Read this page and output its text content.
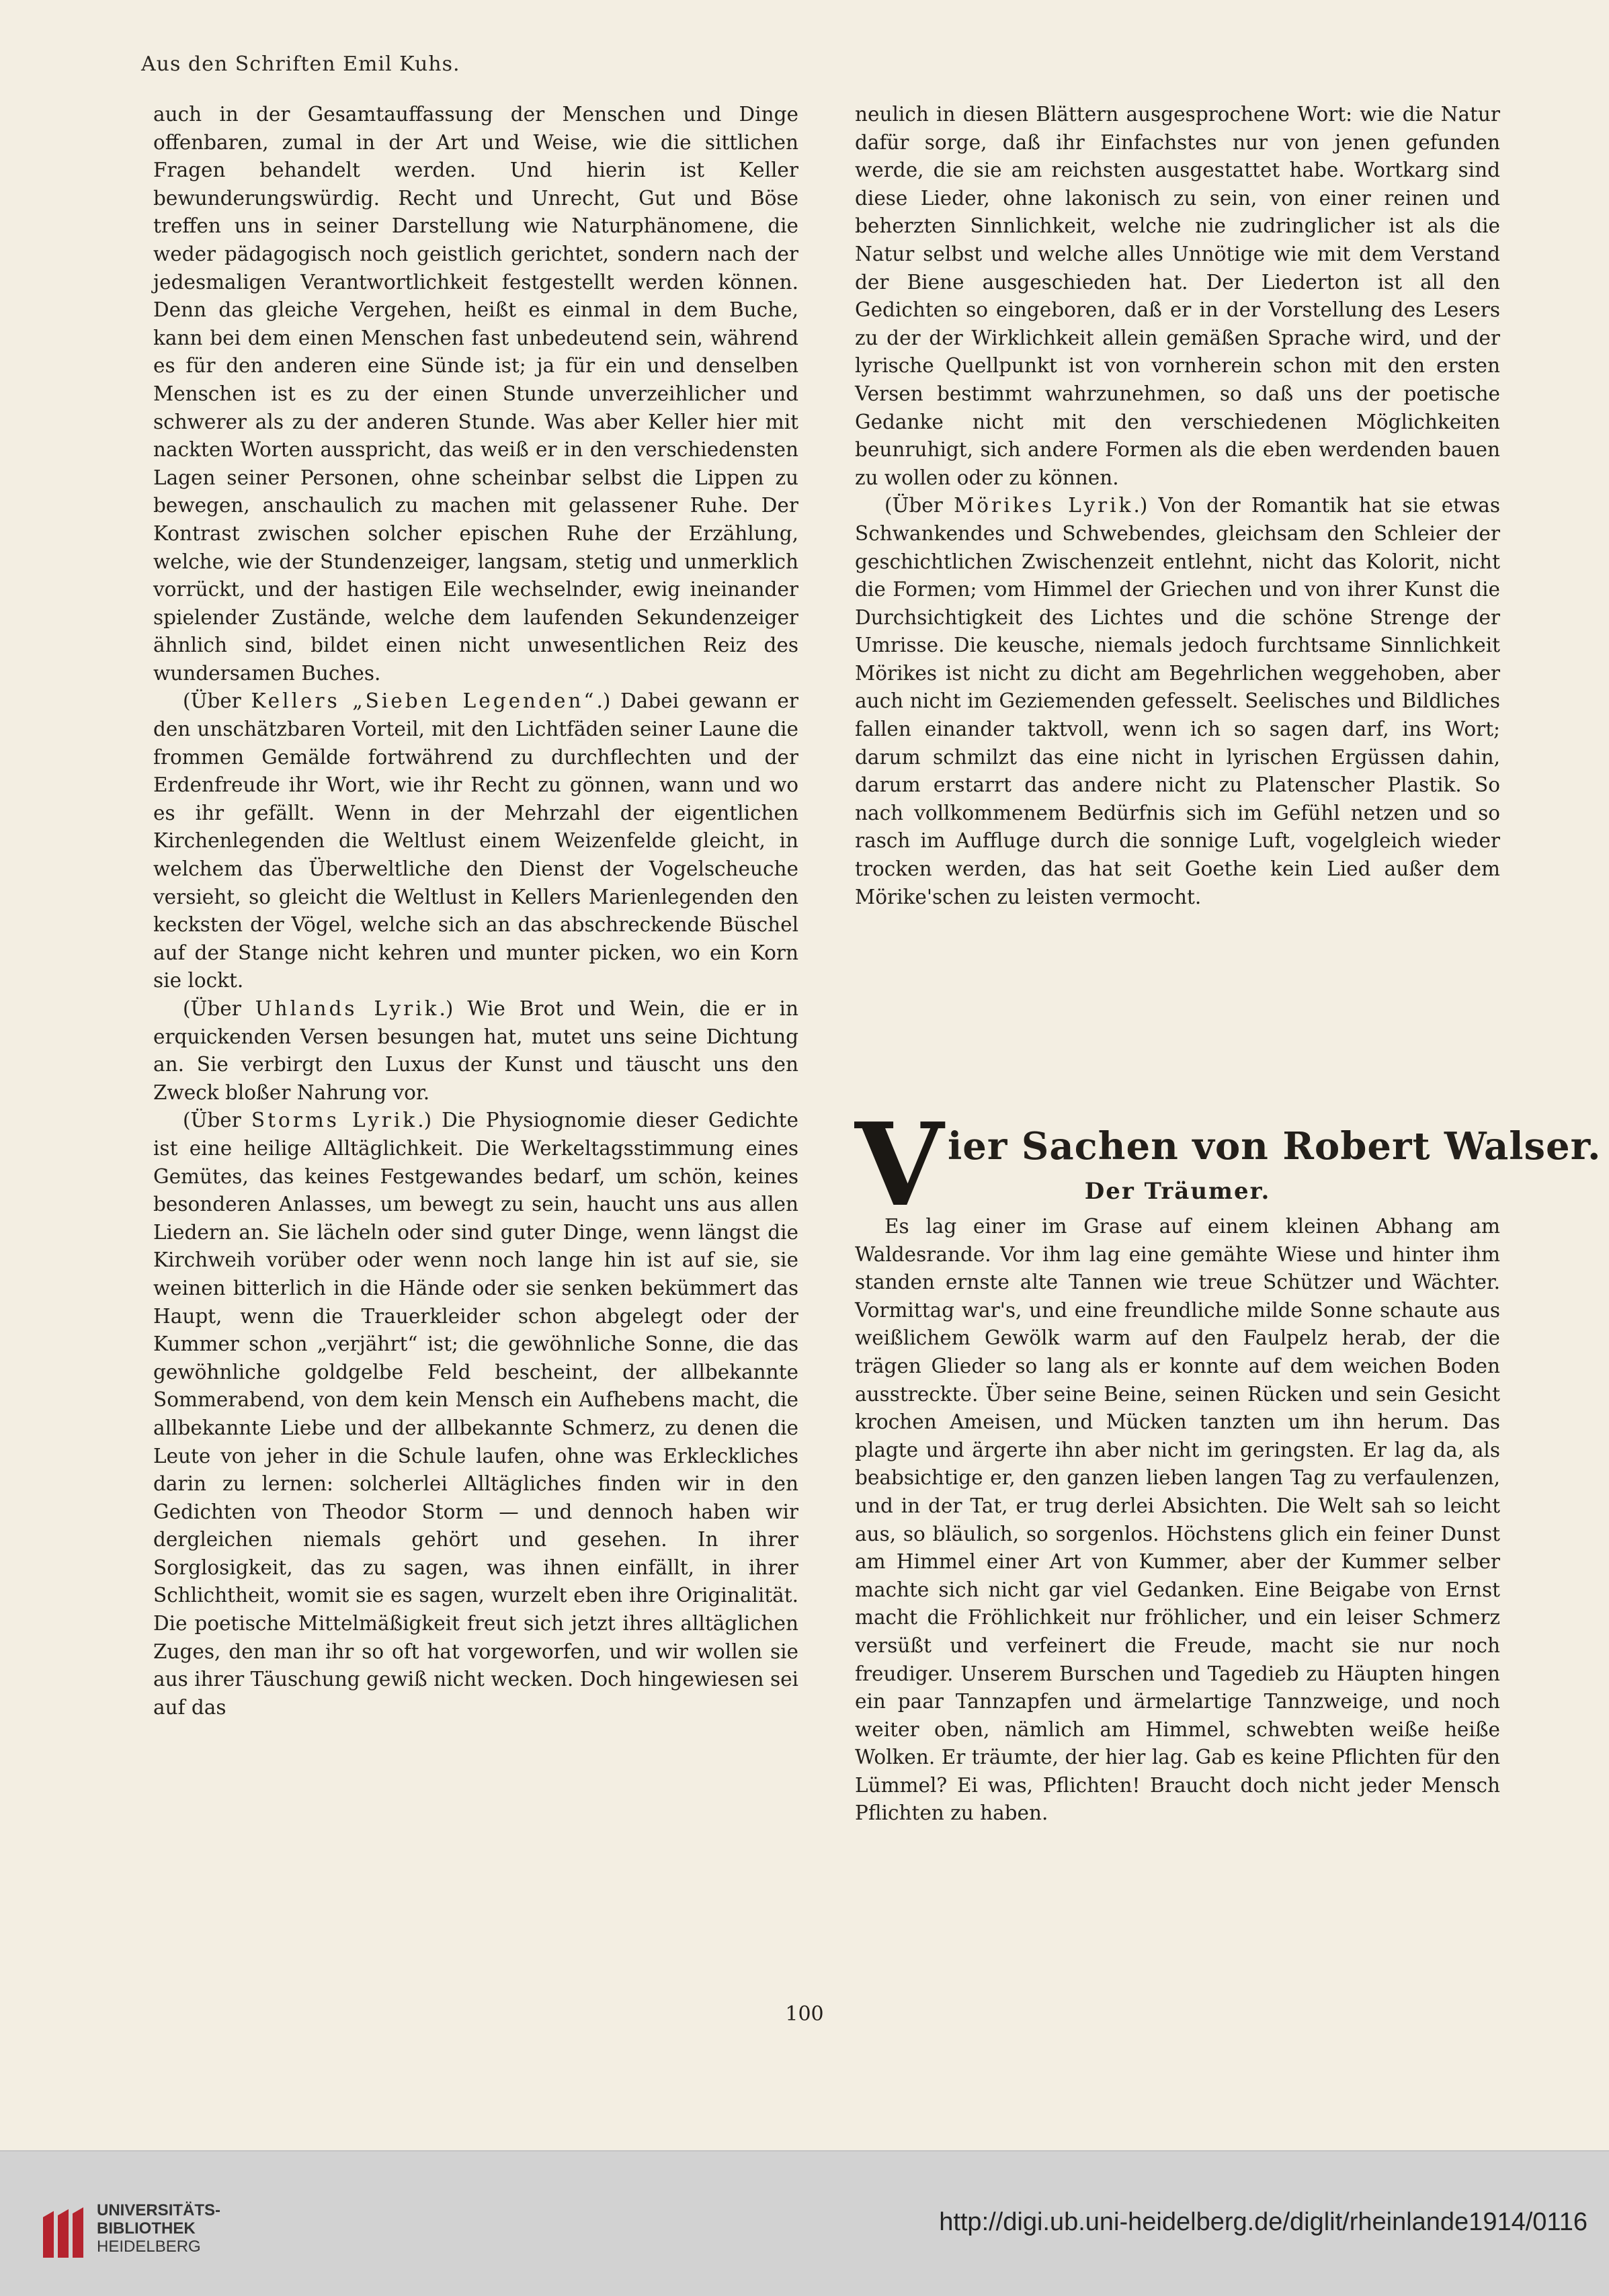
Aus den Schriften Emil Kuhs.

auch in der Gesamtauffassung der Menschen und Dinge offenbaren, zumal in der Art und Weise, wie die sittlichen Fragen behandelt werden. Und hierin ist Keller bewunderungswürdig. Recht und Unrecht, Gut und Böse treffen uns in seiner Darstellung wie Naturphänomene, die weder pädagogisch noch geistlich gerichtet, sondern nach der jedesmaligen Verantwortlichkeit festgestellt werden können. Denn das gleiche Vergehen, heißt es einmal in dem Buche, kann bei dem einen Menschen fast unbedeutend sein, während es für den anderen eine Sünde ist; ja für ein und denselben Menschen ist es zu der einen Stunde unverzeihlicher und schwerer als zu der anderen Stunde. Was aber Keller hier mit nackten Worten ausspricht, das weiß er in den verschiedensten Lagen seiner Personen, ohne scheinbar selbst die Lippen zu bewegen, anschaulich zu machen mit gelassener Ruhe. Der Kontrast zwischen solcher epischen Ruhe der Erzählung, welche, wie der Stundenzeiger, langsam, stetig und unmerklich vorrückt, und der hastigen Eile wechselnder, ewig ineinander spielender Zustände, welche dem laufenden Sekundenzeiger ähnlich sind, bildet einen nicht unwesentlichen Reiz des wundersamen Buches.

(Über Kellers „Sieben Legenden“.) Dabei gewann er den unschätzbaren Vorteil, mit den Lichtfäden seiner Laune die frommen Gemälde fortwährend zu durchflechten und der Erdenfreude ihr Wort, wie ihr Recht zu gönnen, wann und wo es ihr gefällt. Wenn in der Mehrzahl der eigentlichen Kirchenlegenden die Weltlust einem Weizenfelde gleicht, in welchem das Überweltliche den Dienst der Vogelscheuche versieht, so gleicht die Weltlust in Kellers Marienlegenden den kecksten der Vögel, welche sich an das abschreckende Büschel auf der Stange nicht kehren und munter picken, wo ein Korn sie lockt.

(Über Uhlands Lyrik.) Wie Brot und Wein, die er in erquickenden Versen besungen hat, mutet uns seine Dichtung an. Sie verbirgt den Luxus der Kunst und täuscht uns den Zweck bloßer Nahrung vor.

(Über Storms Lyrik.) Die Physiognomie dieser Gedichte ist eine heilige Alltäglichkeit. Die Werkeltagsstimmung eines Gemütes, das keines Festgewandes bedarf, um schön, keines besonderen Anlasses, um bewegt zu sein, haucht uns aus allen Liedern an. Sie lächeln oder sind guter Dinge, wenn längst die Kirchweih vorüber oder wenn noch lange hin ist auf sie, sie weinen bitterlich in die Hände oder sie senken bekümmert das Haupt, wenn die Trauerkleider schon abgelegt oder der Kummer schon „verjährt“ ist; die gewöhnliche Sonne, die das gewöhnliche goldgelbe Feld bescheint, der allbekannte Sommerabend, von dem kein Mensch ein Aufhebens macht, die allbekannte Liebe und der allbekannte Schmerz, zu denen die Leute von jeher in die Schule laufen, ohne was Erkleckliches darin zu lernen: solcherlei Alltägliches finden wir in den Gedichten von Theodor Storm — und dennoch haben wir dergleichen niemals gehört und gesehen. In ihrer Sorglosigkeit, das zu sagen, was ihnen einfällt, in ihrer Schlichtheit, womit sie es sagen, wurzelt eben ihre Originalität. Die poetische Mittelmäßigkeit freut sich jetzt ihres alltäglichen Zuges, den man ihr so oft hat vorgeworfen, und wir wollen sie aus ihrer Täuschung gewiß nicht wecken. Doch hingewiesen sei auf das

neulich in diesen Blättern ausgesprochene Wort: wie die Natur dafür sorge, daß ihr Einfachstes nur von jenen gefunden werde, die sie am reichsten ausgestattet habe. Wortkarg sind diese Lieder, ohne lakonisch zu sein, von einer reinen und beherzten Sinnlichkeit, welche nie zudringlicher ist als die Natur selbst und welche alles Unnötige wie mit dem Verstand der Biene ausgeschieden hat. Der Liederton ist all den Gedichten so eingeboren, daß er in der Vorstellung des Lesers zu der der Wirklichkeit allein gemäßen Sprache wird, und der lyrische Quellpunkt ist von vornherein schon mit den ersten Versen bestimmt wahrzunehmen, so daß uns der poetische Gedanke nicht mit den verschiedenen Möglichkeiten beunruhigt, sich andere Formen als die eben werdenden bauen zu wollen oder zu können.

(Über Mörikes Lyrik.) Von der Romantik hat sie etwas Schwankendes und Schwebendes, gleichsam den Schleier der geschichtlichen Zwischenzeit entlehnt, nicht das Kolorit, nicht die Formen; vom Himmel der Griechen und von ihrer Kunst die Durchsichtigkeit des Lichtes und die schöne Strenge der Umrisse. Die keusche, niemals jedoch furchtsame Sinnlichkeit Mörikes ist nicht zu dicht am Begehrlichen weggehoben, aber auch nicht im Geziemenden gefesselt. Seelisches und Bildliches fallen einander taktvoll, wenn ich so sagen darf, ins Wort; darum schmilzt das eine nicht in lyrischen Ergüssen dahin, darum erstarrt das andere nicht zu Platenscher Plastik. So nach vollkommenem Bedürfnis sich im Gefühl netzen und so rasch im Auffluge durch die sonnige Luft, vogelgleich wieder trocken werden, das hat seit Goethe kein Lied außer dem Mörike'schen zu leisten vermocht.

V ier Sachen von Robert Walser.
Der Träumer.

Es lag einer im Grase auf einem kleinen Abhang am Waldesrande. Vor ihm lag eine gemähte Wiese und hinter ihm standen ernste alte Tannen wie treue Schützer und Wächter. Vormittag war's, und eine freundliche milde Sonne schaute aus weißlichem Gewölk warm auf den Faulpelz herab, der die trägen Glieder so lang als er konnte auf dem weichen Boden ausstreckte. Über seine Beine, seinen Rücken und sein Gesicht krochen Ameisen, und Mücken tanzten um ihn herum. Das plagte und ärgerte ihn aber nicht im geringsten. Er lag da, als beabsichtige er, den ganzen lieben langen Tag zu verfaulenzen, und in der Tat, er trug derlei Absichten. Die Welt sah so leicht aus, so bläulich, so sorgenlos. Höchstens glich ein feiner Dunst am Himmel einer Art von Kummer, aber der Kummer selber machte sich nicht gar viel Gedanken. Eine Beigabe von Ernst macht die Fröhlichkeit nur fröhlicher, und ein leiser Schmerz versüßt und verfeinert die Freude, macht sie nur noch freudiger. Unserem Burschen und Tagedieb zu Häupten hingen ein paar Tannzapfen und ärmelartige Tannzweige, und noch weiter oben, nämlich am Himmel, schwebten weiße heiße Wolken. Er träumte, der hier lag. Gab es keine Pflichten für den Lümmel? Ei was, Pflichten! Braucht doch nicht jeder Mensch Pflichten zu haben.

100
UNIVERSITÄTS-
BIBLIOTHEK
HEIDELBERG
http://digi.ub.uni-heidelberg.de/diglit/rheinlande1914/0116
